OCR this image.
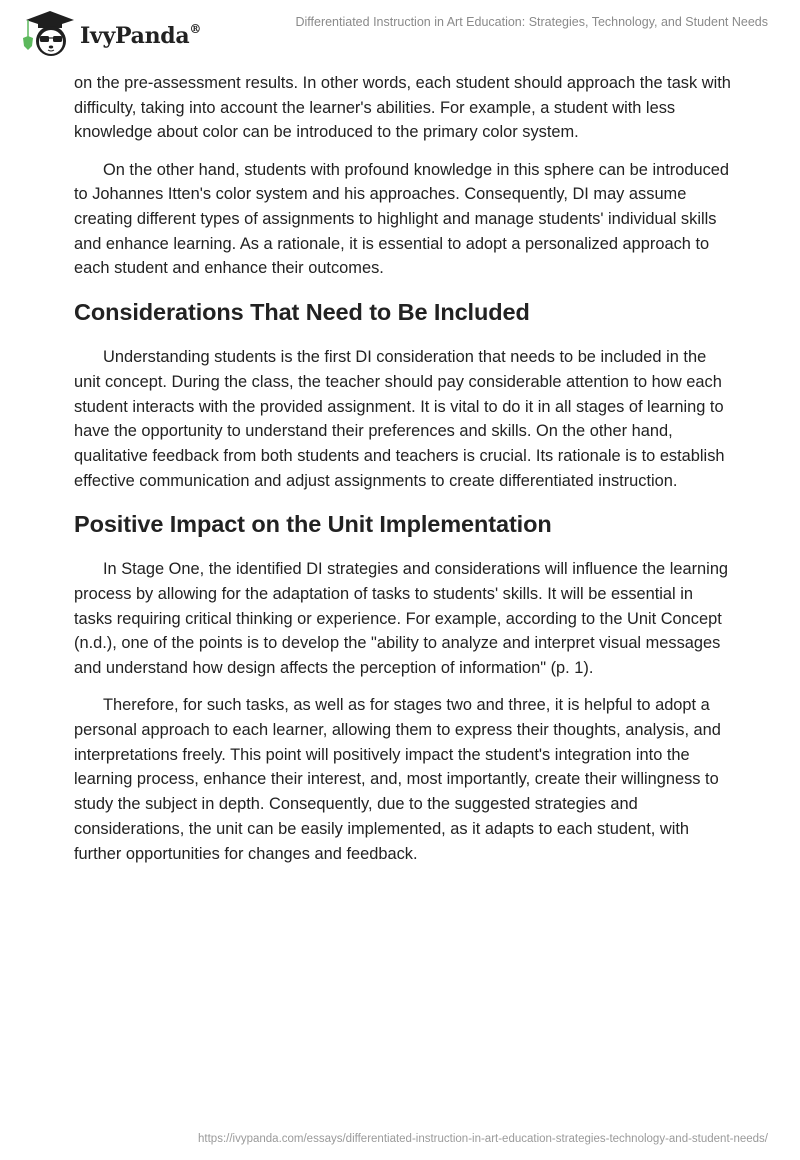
IvyPanda®	Differentiated Instruction in Art Education: Strategies, Technology, and Student Needs

on the pre-assessment results. In other words, each student should approach the task with difficulty, taking into account the learner's abilities. For example, a student with less knowledge about color can be introduced to the primary color system.

On the other hand, students with profound knowledge in this sphere can be introduced to Johannes Itten's color system and his approaches. Consequently, DI may assume creating different types of assignments to highlight and manage students' individual skills and enhance learning. As a rationale, it is essential to adopt a personalized approach to each student and enhance their outcomes.

Considerations That Need to Be Included

Understanding students is the first DI consideration that needs to be included in the unit concept. During the class, the teacher should pay considerable attention to how each student interacts with the provided assignment. It is vital to do it in all stages of learning to have the opportunity to understand their preferences and skills. On the other hand, qualitative feedback from both students and teachers is crucial. Its rationale is to establish effective communication and adjust assignments to create differentiated instruction.

Positive Impact on the Unit Implementation

In Stage One, the identified DI strategies and considerations will influence the learning process by allowing for the adaptation of tasks to students' skills. It will be essential in tasks requiring critical thinking or experience. For example, according to the Unit Concept (n.d.), one of the points is to develop the "ability to analyze and interpret visual messages and understand how design affects the perception of information" (p. 1).

Therefore, for such tasks, as well as for stages two and three, it is helpful to adopt a personal approach to each learner, allowing them to express their thoughts, analysis, and interpretations freely. This point will positively impact the student's integration into the learning process, enhance their interest, and, most importantly, create their willingness to study the subject in depth. Consequently, due to the suggested strategies and considerations, the unit can be easily implemented, as it adapts to each student, with further opportunities for changes and feedback.

https://ivypanda.com/essays/differentiated-instruction-in-art-education-strategies-technology-and-student-needs/
